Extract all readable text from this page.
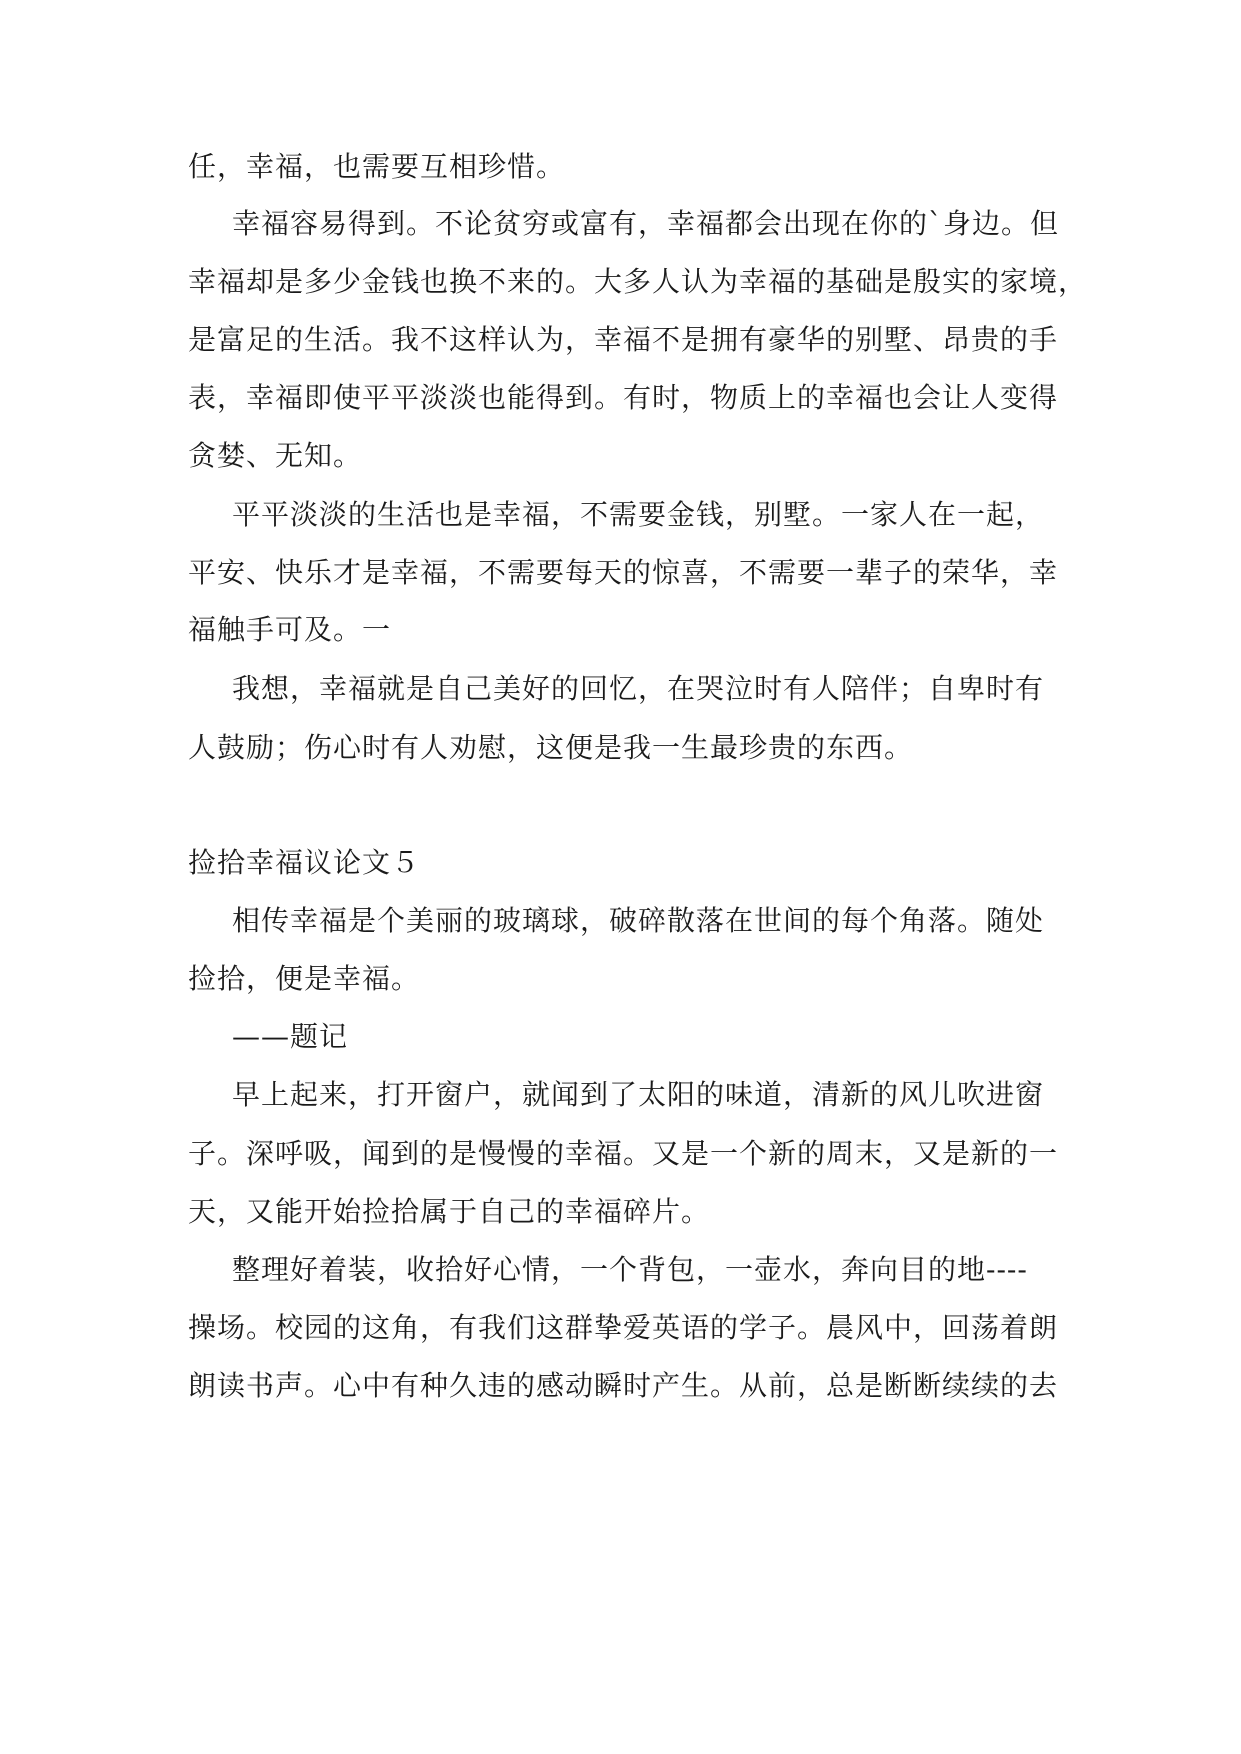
任，幸福，也需要互相珍惜。
幸福容易得到。不论贫穷或富有，幸福都会出现在你的`身边。但
幸福却是多少金钱也换不来的。大多人认为幸福的基础是殷实的家境，
是富足的生活。我不这样认为，幸福不是拥有豪华的别墅、昂贵的手
表，幸福即使平平淡淡也能得到。有时，物质上的幸福也会让人变得
贪婪、无知。
平平淡淡的生活也是幸福，不需要金钱，别墅。一家人在一起，
平安、快乐才是幸福，不需要每天的惊喜，不需要一辈子的荣华，幸
福触手可及。一
我想，幸福就是自己美好的回忆，在哭泣时有人陪伴；自卑时有
人鼓励；伤心时有人劝慰，这便是我一生最珍贵的东西。
捡拾幸福议论文５
相传幸福是个美丽的玻璃球，破碎散落在世间的每个角落。随处
捡拾，便是幸福。
——题记
早上起来，打开窗户，就闻到了太阳的味道，清新的风儿吹进窗
子。深呼吸，闻到的是慢慢的幸福。又是一个新的周末，又是新的一
天，又能开始捡拾属于自己的幸福碎片。
整理好着装，收拾好心情，一个背包，一壶水，奔向目的地----
操场。校园的这角，有我们这群挚爱英语的学子。晨风中，回荡着朗
朗读书声。心中有种久违的感动瞬时产生。从前，总是断断续续的去
